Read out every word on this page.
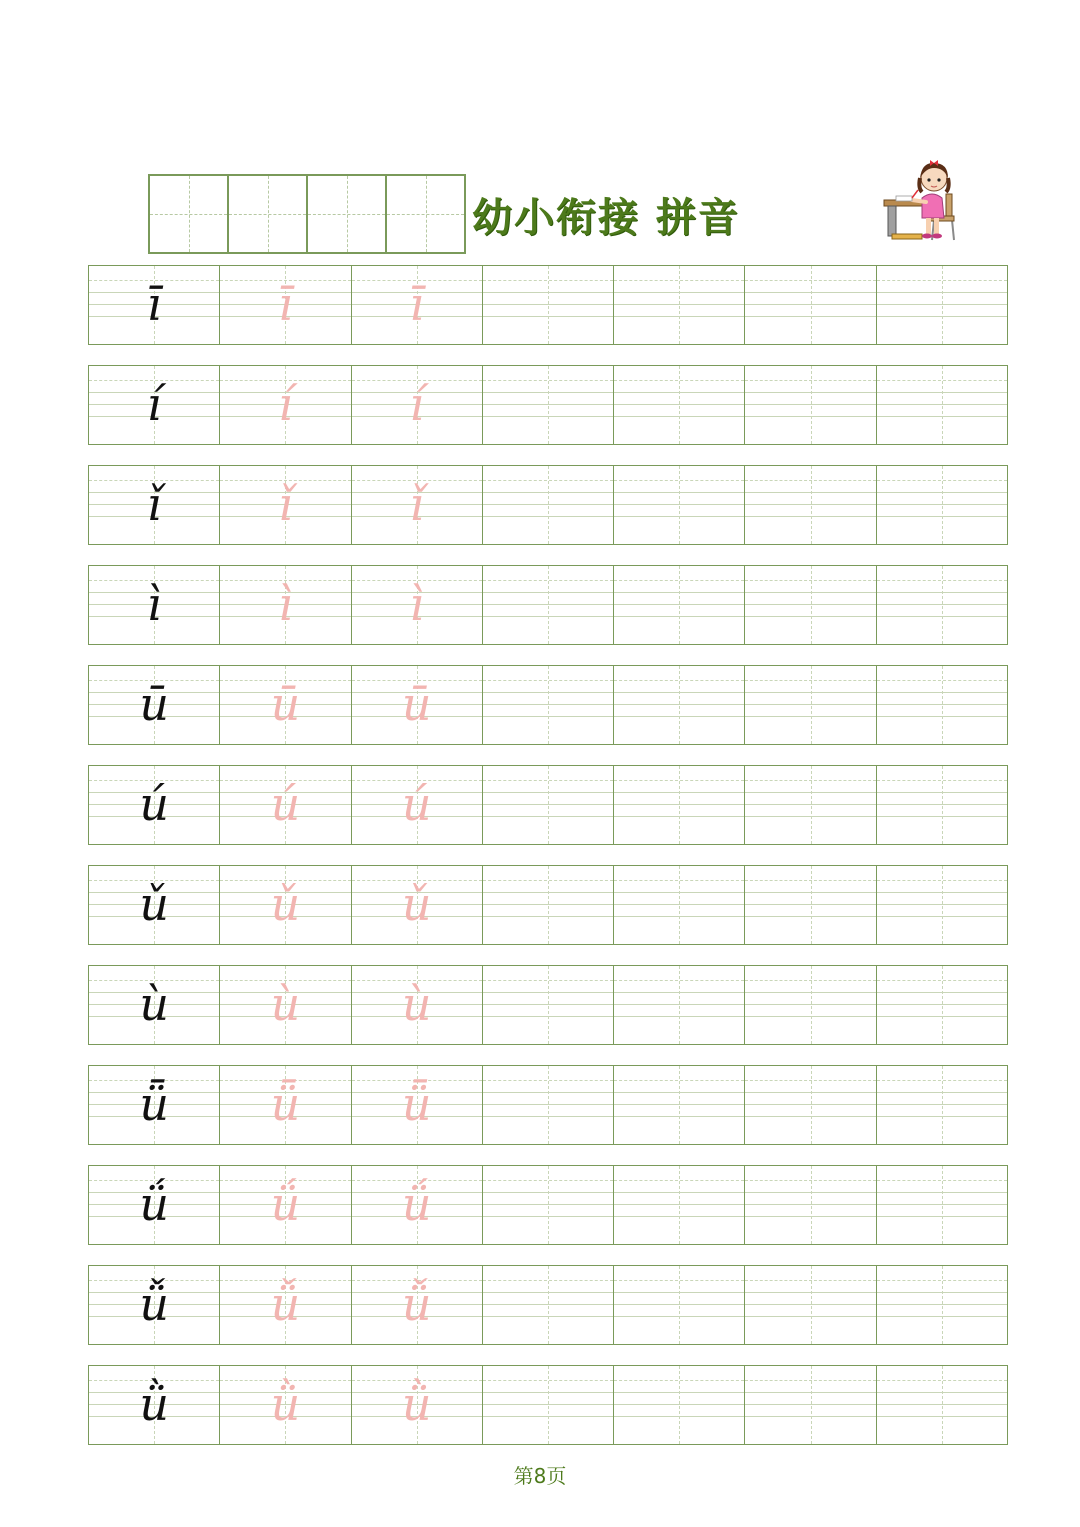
幼小衔接 拼音
ī	ī	ī
í	í	í
ǐ	ǐ	ǐ
ì	ì	ì
ū	ū	ū
ú	ú	ú
ǔ	ǔ	ǔ
ù	ù	ù
ǖ	ǖ	ǖ
ǘ	ǘ	ǘ
ǚ	ǚ	ǚ
ǜ	ǜ	ǜ
第8页
